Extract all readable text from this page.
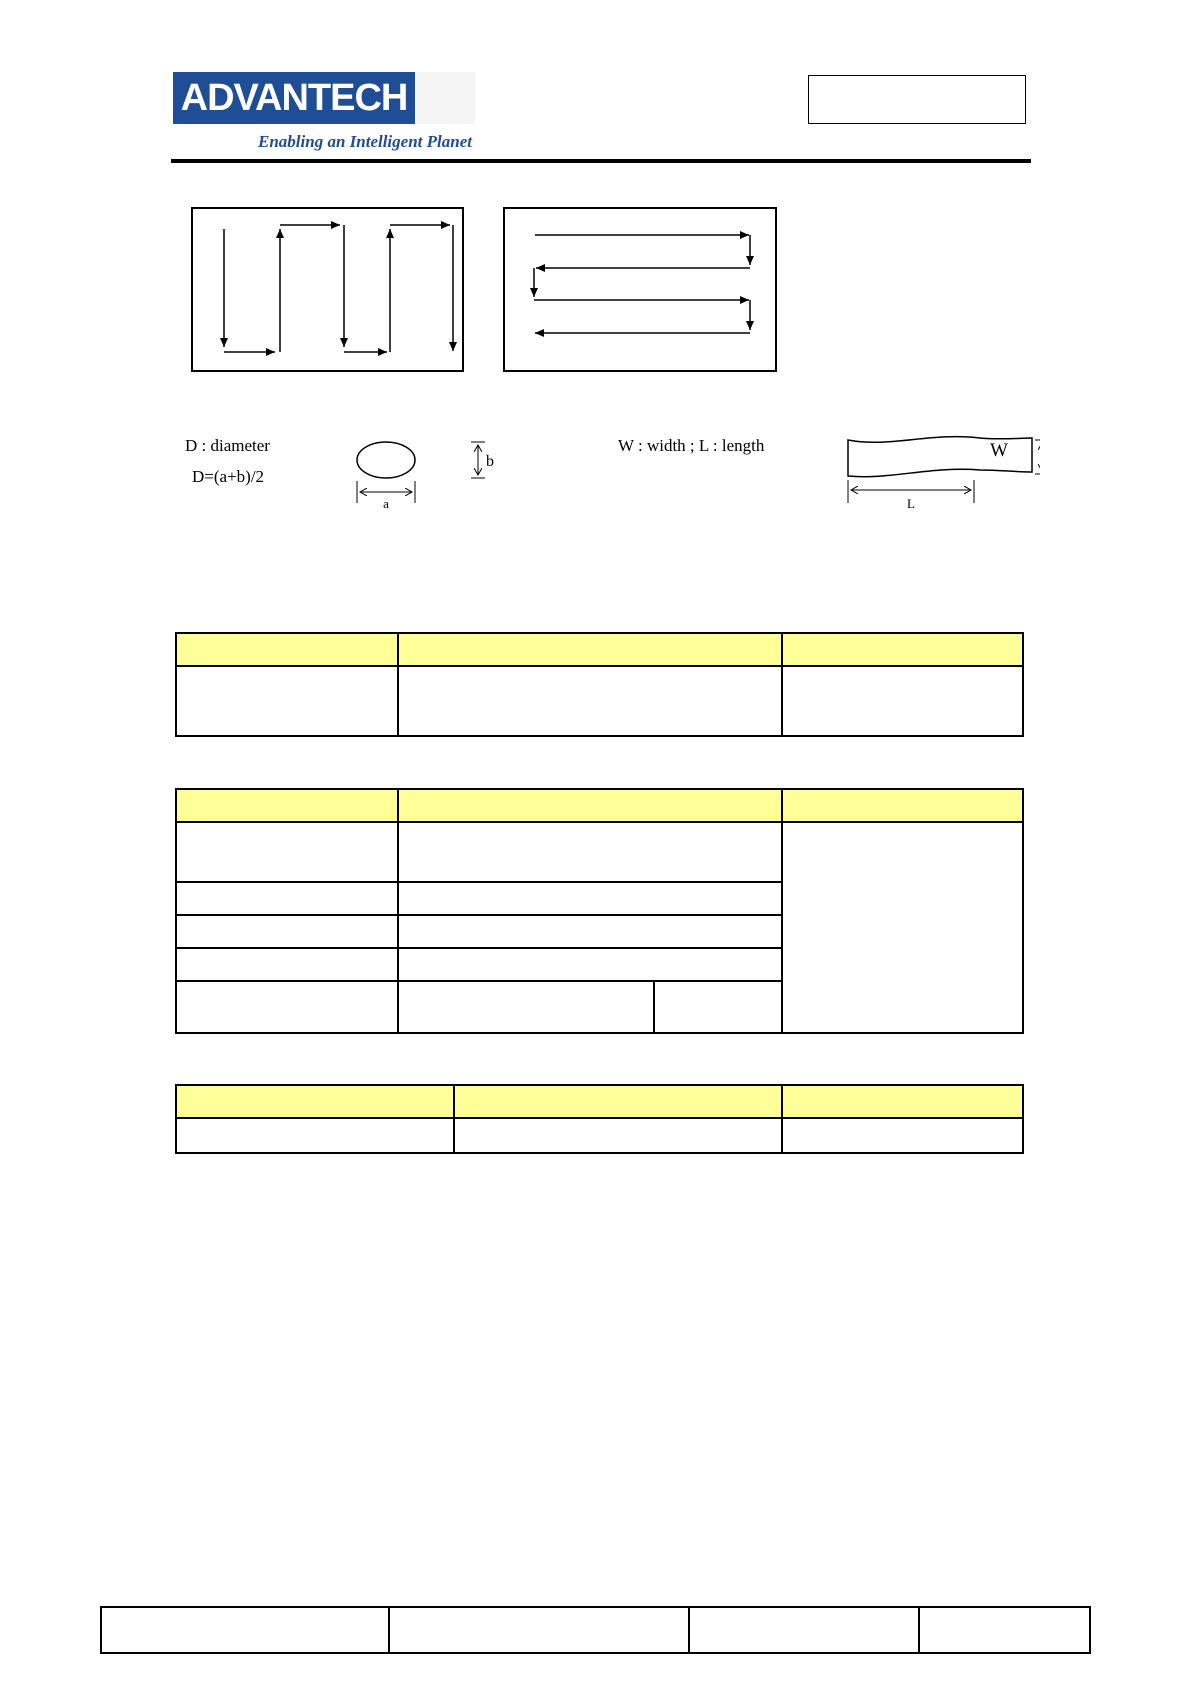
ADVANTECH
Enabling an Intelligent Planet
D : diameter
D=(a+b)/2
a
b
W : width ; L : length
L
W
